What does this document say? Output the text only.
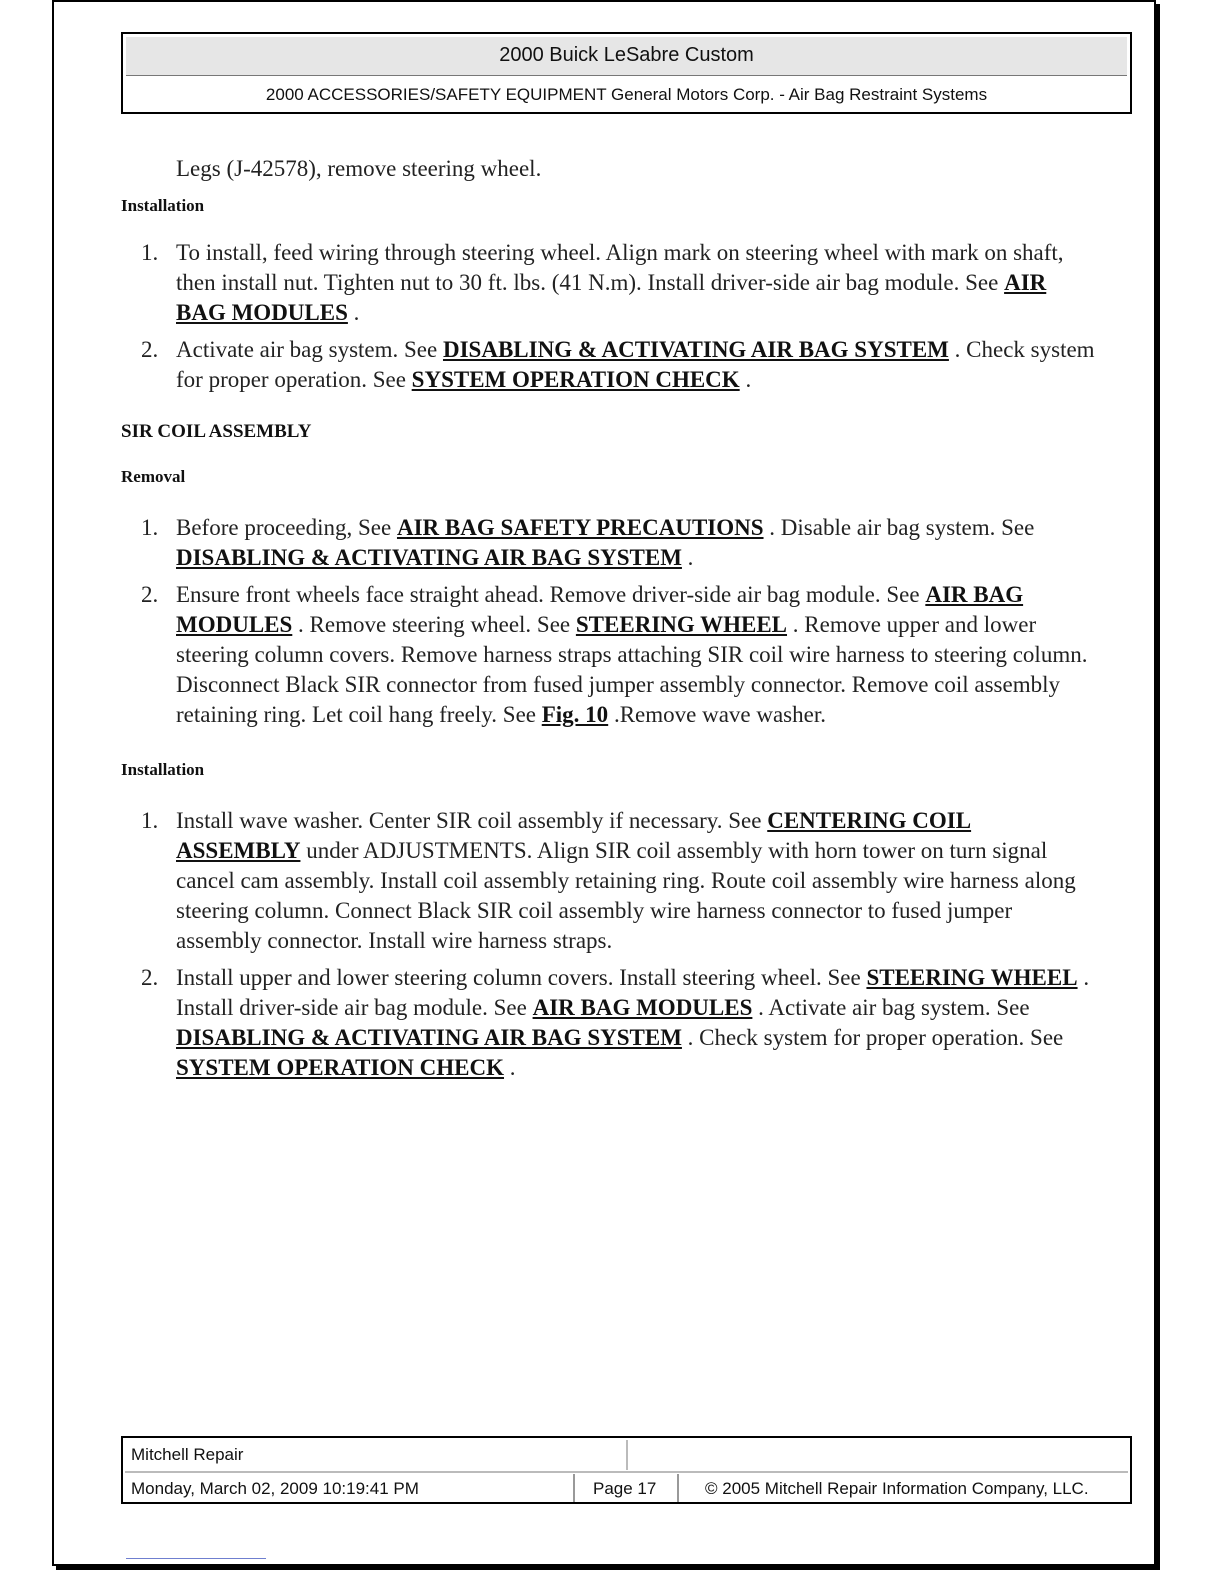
2000 Buick LeSabre Custom
2000 ACCESSORIES/SAFETY EQUIPMENT General Motors Corp. - Air Bag Restraint Systems

Legs (J-42578), remove steering wheel.

Installation

1. To install, feed wiring through steering wheel. Align mark on steering wheel with mark on shaft, then install nut. Tighten nut to 30 ft. lbs. (41 N.m). Install driver-side air bag module. See AIR BAG MODULES .
2. Activate air bag system. See DISABLING & ACTIVATING AIR BAG SYSTEM . Check system for proper operation. See SYSTEM OPERATION CHECK .

SIR COIL ASSEMBLY

Removal

1. Before proceeding, See AIR BAG SAFETY PRECAUTIONS . Disable air bag system. See DISABLING & ACTIVATING AIR BAG SYSTEM .
2. Ensure front wheels face straight ahead. Remove driver-side air bag module. See AIR BAG MODULES . Remove steering wheel. See STEERING WHEEL . Remove upper and lower steering column covers. Remove harness straps attaching SIR coil wire harness to steering column. Disconnect Black SIR connector from fused jumper assembly connector. Remove coil assembly retaining ring. Let coil hang freely. See Fig. 10 .Remove wave washer.

Installation

1. Install wave washer. Center SIR coil assembly if necessary. See CENTERING COIL ASSEMBLY under ADJUSTMENTS. Align SIR coil assembly with horn tower on turn signal cancel cam assembly. Install coil assembly retaining ring. Route coil assembly wire harness along steering column. Connect Black SIR coil assembly wire harness connector to fused jumper assembly connector. Install wire harness straps.
2. Install upper and lower steering column covers. Install steering wheel. See STEERING WHEEL . Install driver-side air bag module. See AIR BAG MODULES . Activate air bag system. See DISABLING & ACTIVATING AIR BAG SYSTEM . Check system for proper operation. See SYSTEM OPERATION CHECK .
Mitchell Repair
Monday, March 02, 2009 10:19:41 PM	Page 17	© 2005 Mitchell Repair Information Company, LLC.
